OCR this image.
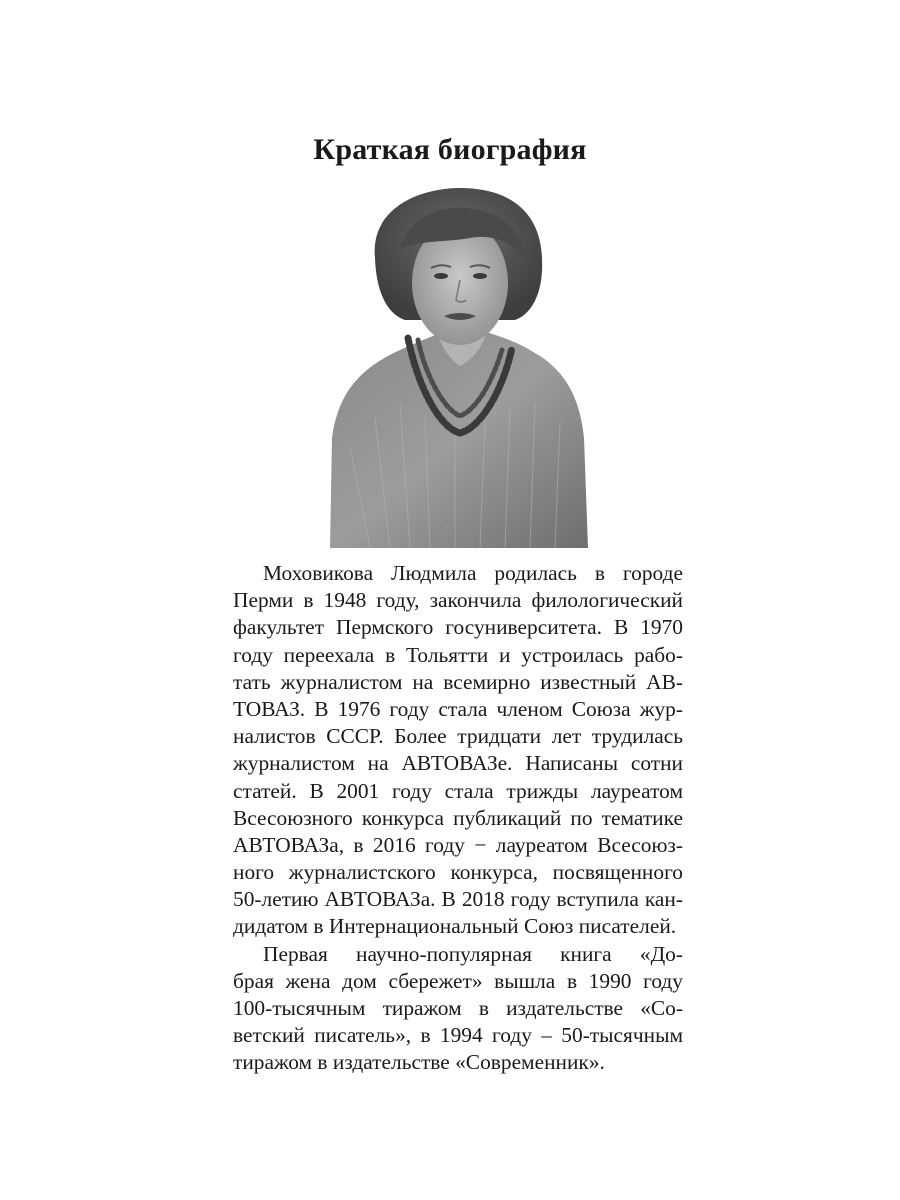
Краткая биография

Моховикова Людмила родилась в городе
Перми в 1948 году, закончила филологический
факультет Пермского госуниверситета. В 1970
году переехала в Тольятти и устроилась рабо-
тать журналистом на всемирно известный АВ-
ТОВАЗ. В 1976 году стала членом Союза жур-
налистов СССР. Более тридцати лет трудилась
журналистом на АВТОВАЗе. Написаны сотни
статей. В 2001 году стала трижды лауреатом
Всесоюзного конкурса публикаций по тематике
АВТОВАЗа, в 2016 году − лауреатом Всесоюз-
ного журналистского конкурса, посвященного
50-летию АВТОВАЗа. В 2018 году вступила кан-
дидатом в Интернациональный Союз писателей.

Первая научно-популярная книга «До-
брая жена дом сбережет» вышла в 1990 году
100-тысячным тиражом в издательстве «Со-
ветский писатель», в 1994 году – 50-тысячным
тиражом в издательстве «Современник».
